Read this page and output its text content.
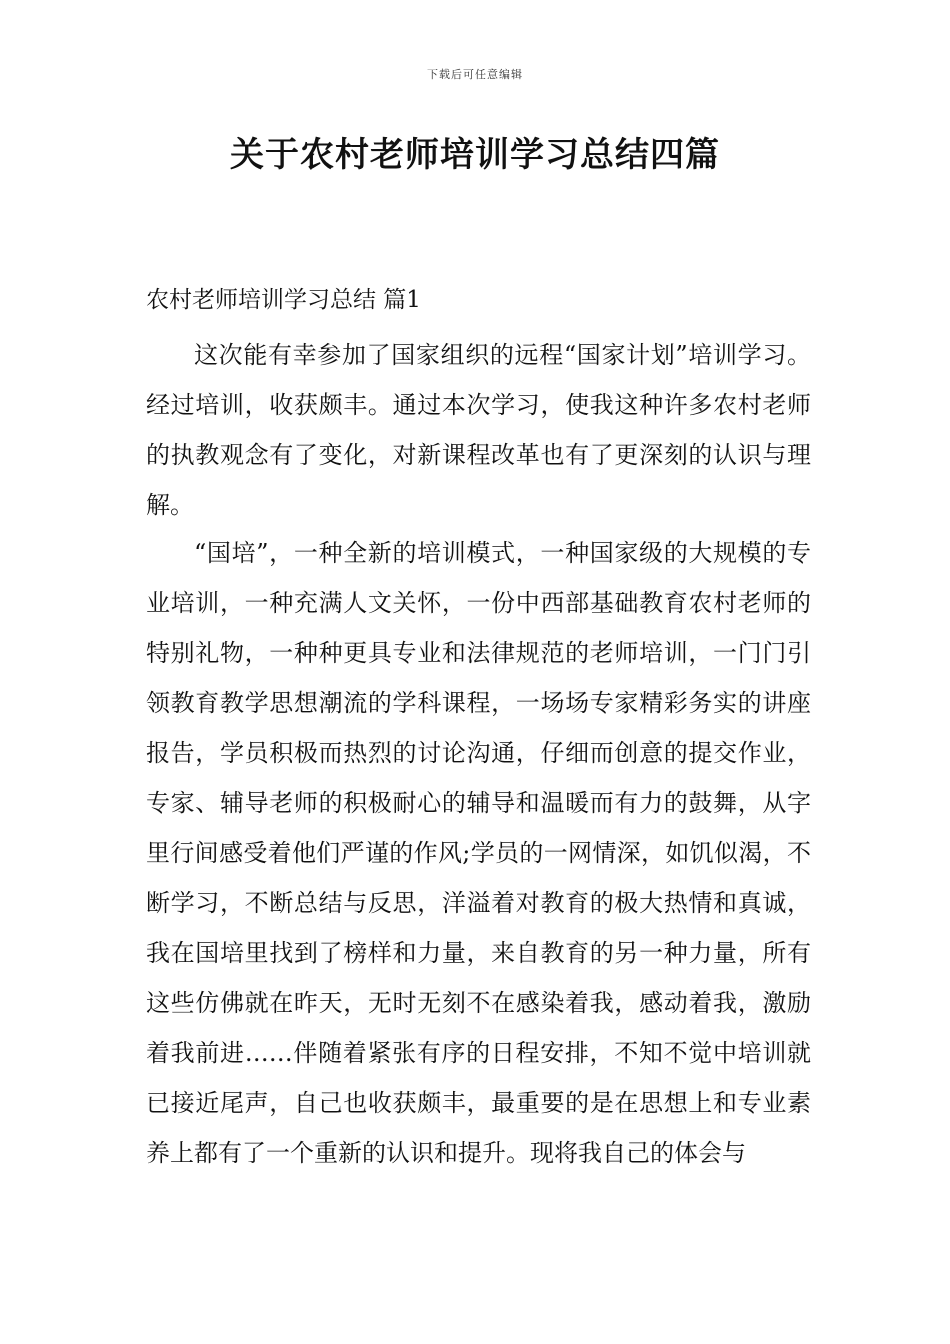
下载后可任意编辑
关于农村老师培训学习总结四篇
农村老师培训学习总结 篇1

这次能有幸参加了国家组织的远程“国家计划”培训学习。经过培训，收获颇丰。通过本次学习，使我这种许多农村老师的执教观念有了变化，对新课程改革也有了更深刻的认识与理解。

“国培”，一种全新的培训模式，一种国家级的大规模的专业培训，一种充满人文关怀，一份中西部基础教育农村老师的特别礼物，一种种更具专业和法律规范的老师培训，一门门引领教育教学思想潮流的学科课程，一场场专家精彩务实的讲座报告，学员积极而热烈的讨论沟通，仔细而创意的提交作业，专家、辅导老师的积极耐心的辅导和温暖而有力的鼓舞，从字里行间感受着他们严谨的作风;学员的一网情深，如饥似渴，不断学习，不断总结与反思，洋溢着对教育的极大热情和真诚，我在国培里找到了榜样和力量，来自教育的另一种力量，所有这些仿佛就在昨天，无时无刻不在感染着我，感动着我，激励着我前进……伴随着紧张有序的日程安排，不知不觉中培训就已接近尾声，自己也收获颇丰，最重要的是在思想上和专业素养上都有了一个重新的认识和提升。现将我自己的体会与
